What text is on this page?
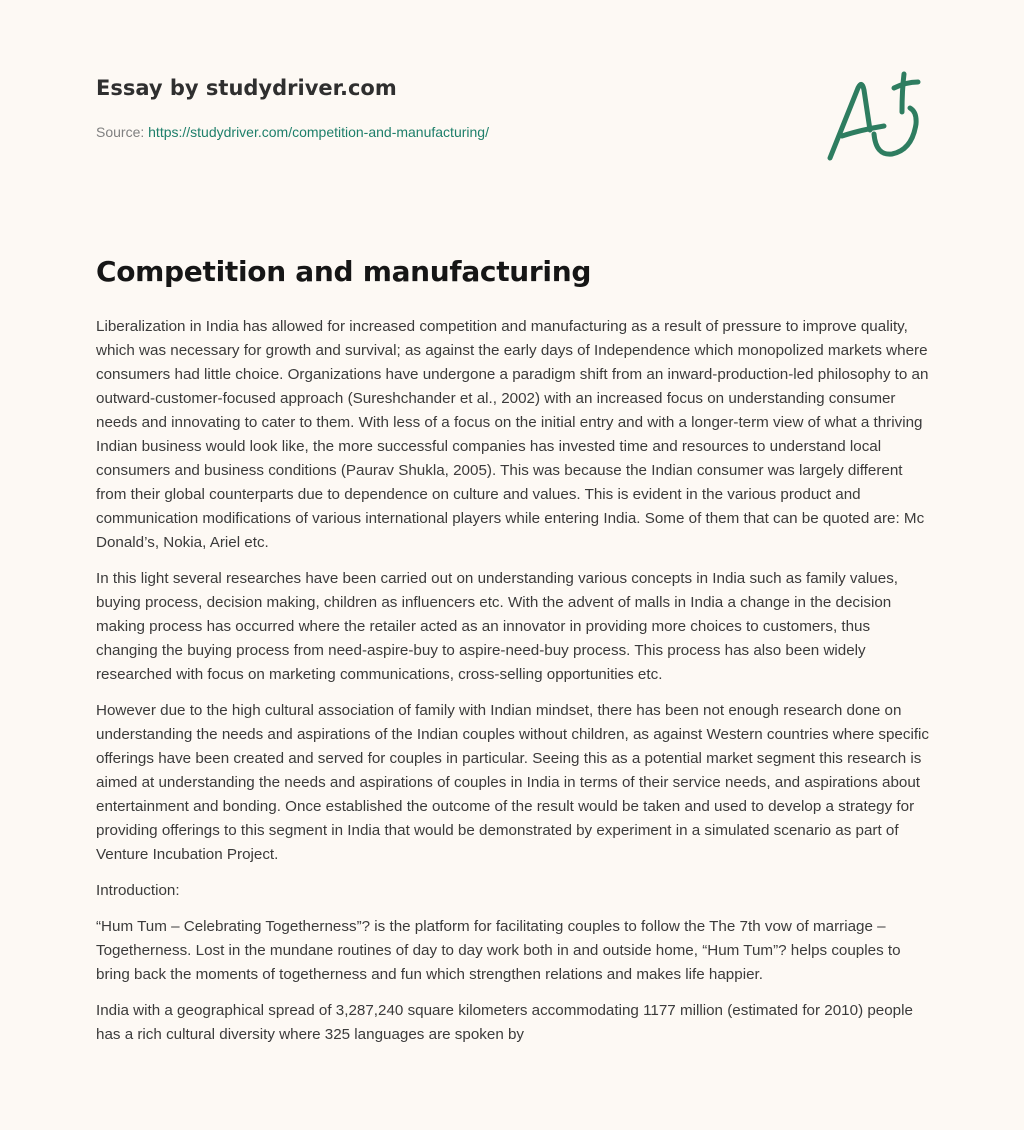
Essay by studydriver.com
Source: https://studydriver.com/competition-and-manufacturing/
Competition and manufacturing

Liberalization in India has allowed for increased competition and manufacturing as a result of pressure to improve quality, which was necessary for growth and survival; as against the early days of Independence which monopolized markets where consumers had little choice. Organizations have undergone a paradigm shift from an inward-production-led philosophy to an outward-customer-focused approach (Sureshchander et al., 2002) with an increased focus on understanding consumer needs and innovating to cater to them. With less of a focus on the initial entry and with a longer-term view of what a thriving Indian business would look like, the more successful companies has invested time and resources to understand local consumers and business conditions (Paurav Shukla, 2005). This was because the Indian consumer was largely different from their global counterparts due to dependence on culture and values. This is evident in the various product and communication modifications of various international players while entering India. Some of them that can be quoted are: Mc Donald’s, Nokia, Ariel etc.

In this light several researches have been carried out on understanding various concepts in India such as family values, buying process, decision making, children as influencers etc. With the advent of malls in India a change in the decision making process has occurred where the retailer acted as an innovator in providing more choices to customers, thus changing the buying process from need-aspire-buy to aspire-need-buy process. This process has also been widely researched with focus on marketing communications, cross-selling opportunities etc.

However due to the high cultural association of family with Indian mindset, there has been not enough research done on understanding the needs and aspirations of the Indian couples without children, as against Western countries where specific offerings have been created and served for couples in particular. Seeing this as a potential market segment this research is aimed at understanding the needs and aspirations of couples in India in terms of their service needs, and aspirations about entertainment and bonding. Once established the outcome of the result would be taken and used to develop a strategy for providing offerings to this segment in India that would be demonstrated by experiment in a simulated scenario as part of Venture Incubation Project.

Introduction:

“Hum Tum – Celebrating Togetherness”? is the platform for facilitating couples to follow the The 7th vow of marriage – Togetherness. Lost in the mundane routines of day to day work both in and outside home, “Hum Tum”? helps couples to bring back the moments of togetherness and fun which strengthen relations and makes life happier.

India with a geographical spread of 3,287,240 square kilometers accommodating 1177 million (estimated for 2010) people has a rich cultural diversity where 325 languages are spoken by
